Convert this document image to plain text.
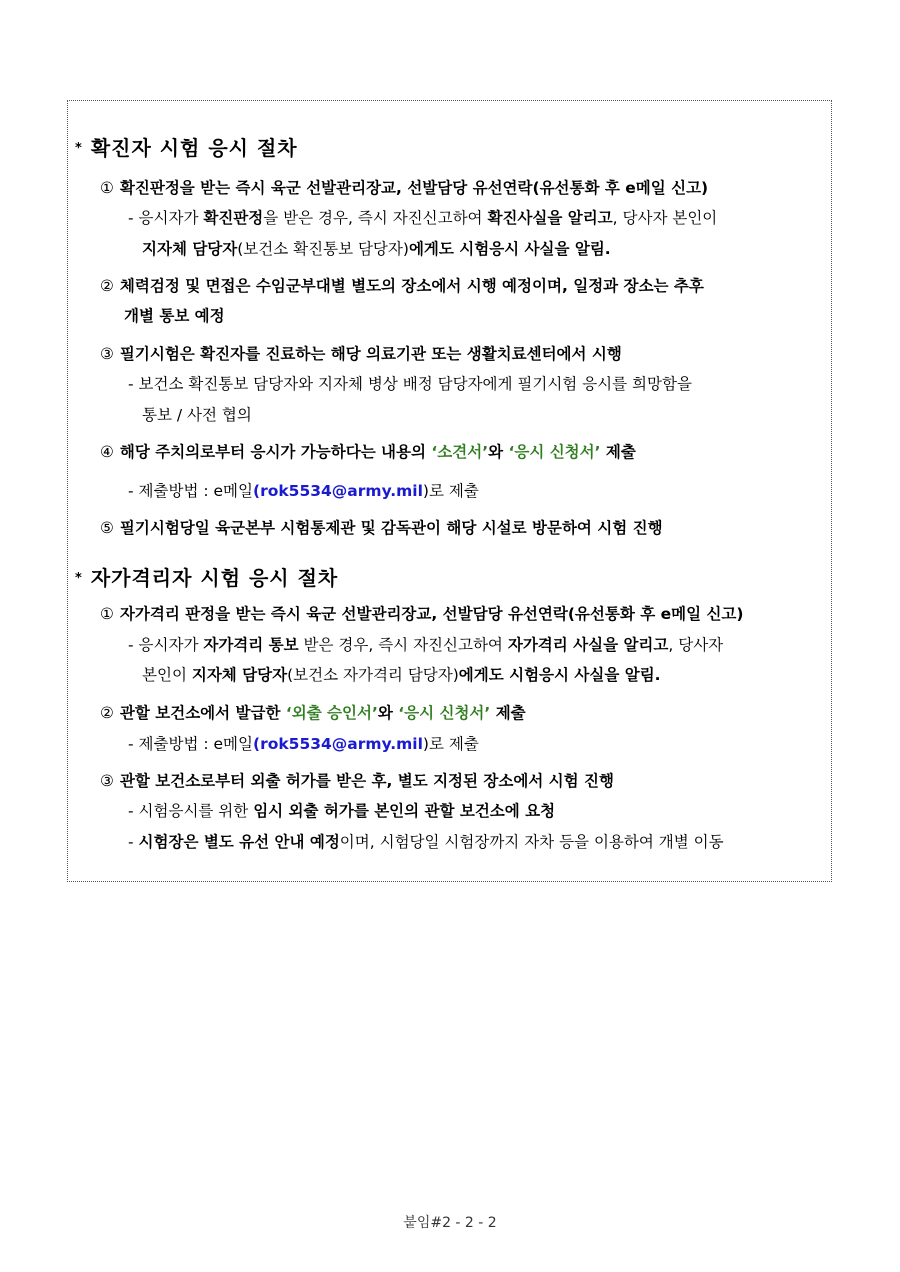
* 확진자 시험 응시 절차
① 확진판정을 받는 즉시 육군 선발관리장교, 선발담당 유선연락(유선통화 후 e메일 신고)
- 응시자가 확진판정을 받은 경우, 즉시 자진신고하여 확진사실을 알리고, 당사자 본인이
지자체 담당자(보건소 확진통보 담당자)에게도 시험응시 사실을 알림.
② 체력검정 및 면접은 수임군부대별 별도의 장소에서 시행 예정이며, 일정과 장소는 추후
개별 통보 예정
③ 필기시험은 확진자를 진료하는 해당 의료기관 또는 생활치료센터에서 시행
- 보건소 확진통보 담당자와 지자체 병상 배정 담당자에게 필기시험 응시를 희망함을
통보 / 사전 협의
④ 해당 주치의로부터 응시가 가능하다는 내용의 ‘소견서’와 ‘응시 신청서’ 제출
- 제출방법 : e메일(rok5534@army.mil)로 제출
⑤ 필기시험당일 육군본부 시험통제관 및 감독관이 해당 시설로 방문하여 시험 진행
* 자가격리자 시험 응시 절차
① 자가격리 판정을 받는 즉시 육군 선발관리장교, 선발담당 유선연락(유선통화 후 e메일 신고)
- 응시자가 자가격리 통보 받은 경우, 즉시 자진신고하여 자가격리 사실을 알리고, 당사자
본인이 지자체 담당자(보건소 자가격리 담당자)에게도 시험응시 사실을 알림.
② 관할 보건소에서 발급한 ‘외출 승인서’와 ‘응시 신청서’ 제출
- 제출방법 : e메일(rok5534@army.mil)로 제출
③ 관할 보건소로부터 외출 허가를 받은 후, 별도 지정된 장소에서 시험 진행
- 시험응시를 위한 임시 외출 허가를 본인의 관할 보건소에 요청
- 시험장은 별도 유선 안내 예정이며, 시험당일 시험장까지 자차 등을 이용하여 개별 이동
붙임#2 - 2 - 2
